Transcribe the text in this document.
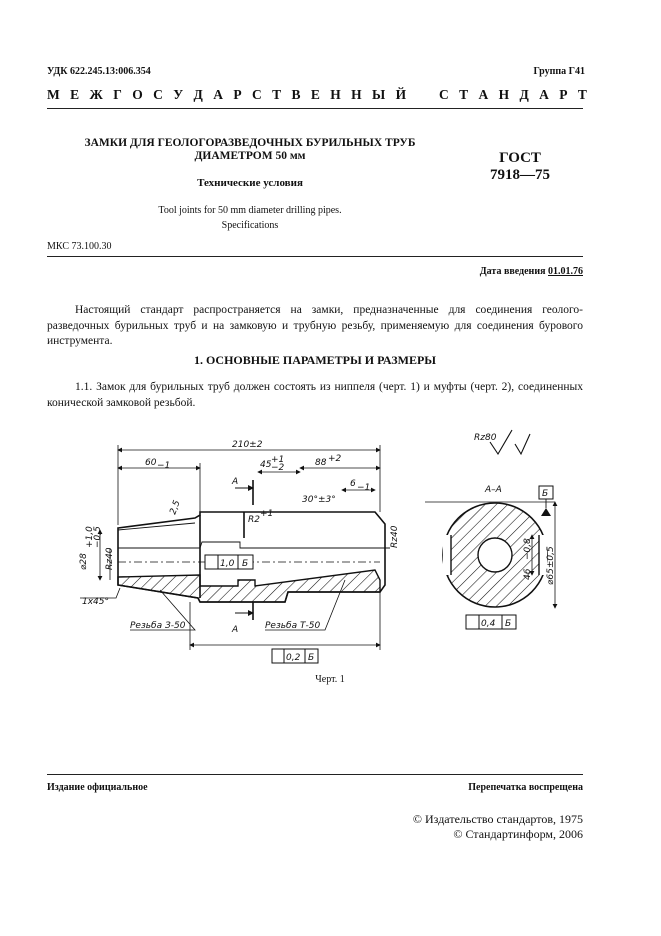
УДК 622.245.13:006.354	Группа Г41
М Е Ж Г О С У Д А Р С Т В Е Н Н Ы Й С Т А Н Д А Р Т
ЗАМКИ ДЛЯ ГЕОЛОГОРАЗВЕДОЧНЫХ БУРИЛЬНЫХ ТРУБ
ДИАМЕТРОМ 50 мм
Технические условия
Tool joints for 50 mm diameter drilling pipes.
Specifications
ГОСТ
7918—75
МКС 73.100.30
Дата введения 01.01.76
Настоящий стандарт распространяется на замки, предназначенные для соединения геолого-разведочных бурильных труб и на замковую и трубную резьбу, применяемую для соединения бурового инструмента.
1. ОСНОВНЫЕ ПАРАМЕТРЫ И РАЗМЕРЫ
1.1. Замок для бурильных труб должен состоять из ниппеля (черт. 1) и муфты (черт. 2), соединенных конической замковой резьбой.
210±2
60 −1	45 +1
−2	88 +2
6 −1
30°±3°
2,5
R2
+1
A
A
⌀28
+1,0
−0,5
Rz40
Rz40
1x45°
Резьба З-50	Резьба Т-50
1,0 Б
0,2 Б
0,4 Б
Б
Rz80
А–А
46
−0,8 ⌀65±0,5
Черт. 1
Издание официальное	Перепечатка воспрещена
© Издательство стандартов, 1975
© Стандартинформ, 2006
